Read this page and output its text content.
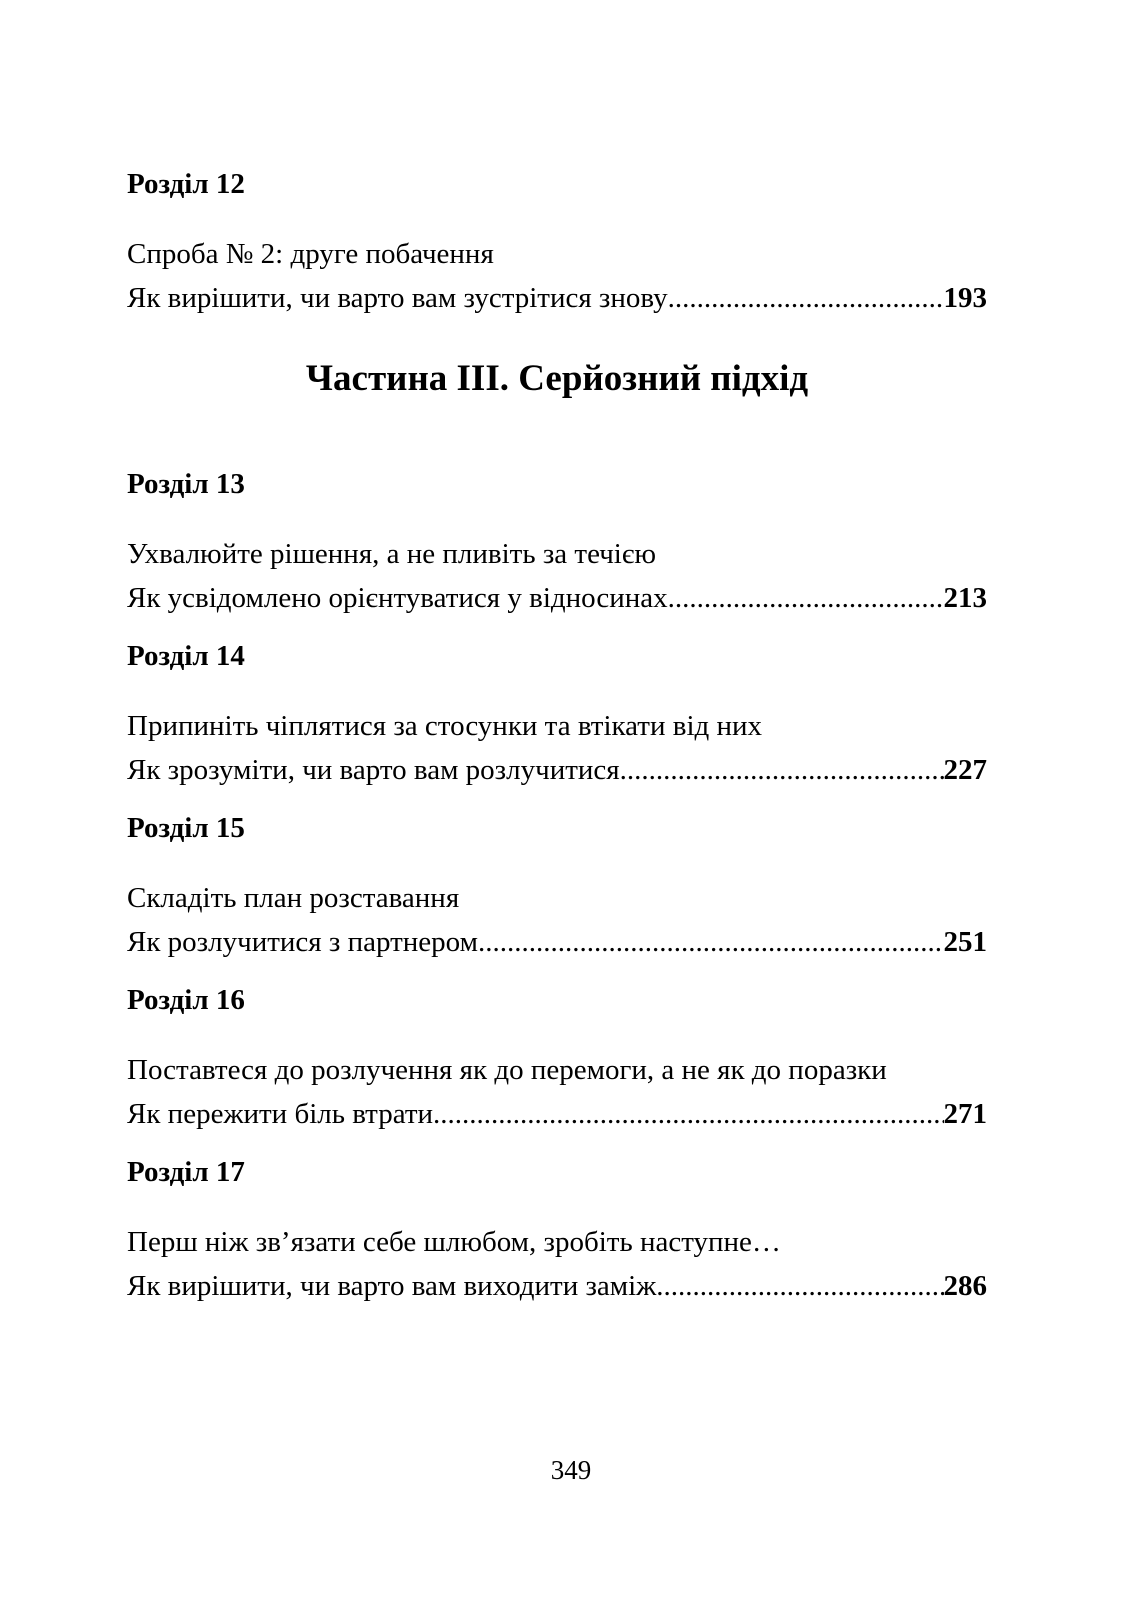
Розділ 12
Спроба № 2: друге побачення
Як вирішити, чи варто вам зустрітися знову .....	193
Частина ІІІ. Серйозний підхід
Розділ 13
Ухвалюйте рішення, а не пливіть за течією
Як усвідомлено орієнтуватися у відносинах .....	213
Розділ 14
Припиніть чіплятися за стосунки та втікати від них
Як зрозуміти, чи варто вам розлучитися .....	227
Розділ 15
Складіть план розставання
Як розлучитися з партнером .....	251
Розділ 16
Поставтеся до розлучення як до перемоги, а не як до поразки
Як пережити біль втрати .....	271
Розділ 17
Перш ніж зв’язати себе шлюбом, зробіть наступне…
Як вирішити, чи варто вам виходити заміж .....	286
349
